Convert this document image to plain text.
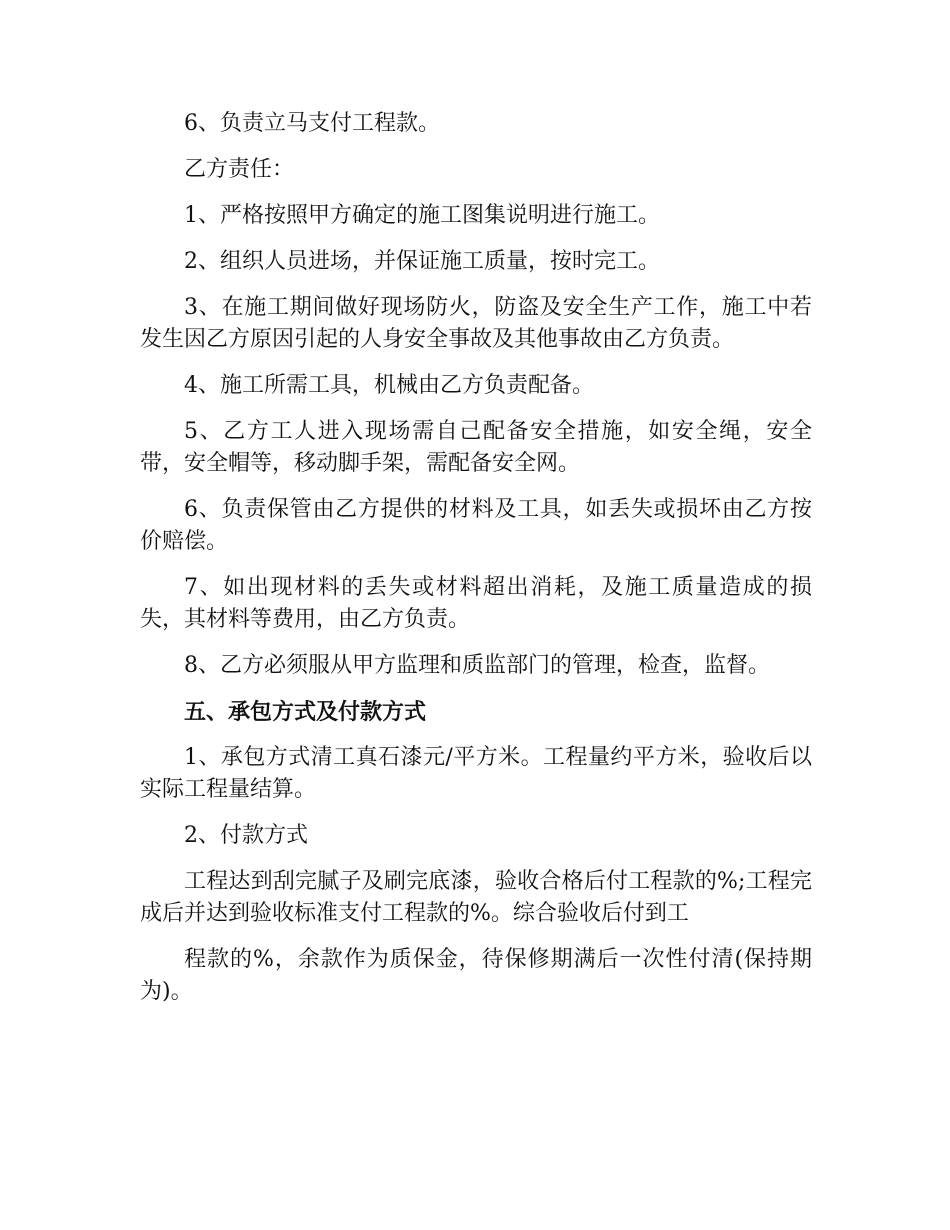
6、负责立马支付工程款。

乙方责任：

1、严格按照甲方确定的施工图集说明进行施工。

2、组织人员进场，并保证施工质量，按时完工。

3、在施工期间做好现场防火，防盗及安全生产工作，施工中若发生因乙方原因引起的人身安全事故及其他事故由乙方负责。

4、施工所需工具，机械由乙方负责配备。

5、乙方工人进入现场需自己配备安全措施，如安全绳，安全带，安全帽等，移动脚手架，需配备安全网。

6、负责保管由乙方提供的材料及工具，如丢失或损坏由乙方按价赔偿。

7、如出现材料的丢失或材料超出消耗，及施工质量造成的损失，其材料等费用，由乙方负责。

8、乙方必须服从甲方监理和质监部门的管理，检查，监督。

五、承包方式及付款方式

1、承包方式清工真石漆元/平方米。工程量约平方米，验收后以实际工程量结算。

2、付款方式

工程达到刮完腻子及刷完底漆，验收合格后付工程款的%;工程完成后并达到验收标准支付工程款的%。综合验收后付到工

程款的%，余款作为质保金，待保修期满后一次性付清(保持期为)。
